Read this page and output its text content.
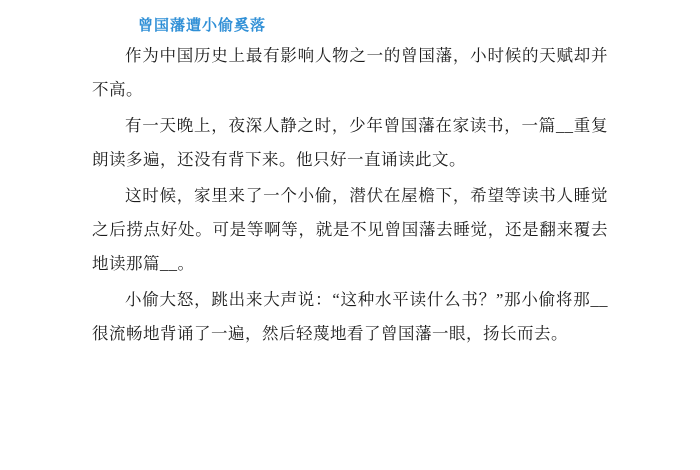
曾国藩遭小偷奚落

作为中国历史上最有影响人物之一的曾国藩，小时候的天赋却并不高。

有一天晚上，夜深人静之时，少年曾国藩在家读书，一篇__重复朗读多遍，还没有背下来。他只好一直诵读此文。

这时候，家里来了一个小偷，潜伏在屋檐下，希望等读书人睡觉之后捞点好处。可是等啊等，就是不见曾国藩去睡觉，还是翻来覆去地读那篇__。

小偷大怒，跳出来大声说：“这种水平读什么书？”那小偷将那__很流畅地背诵了一遍，然后轻蔑地看了曾国藩一眼，扬长而去。
